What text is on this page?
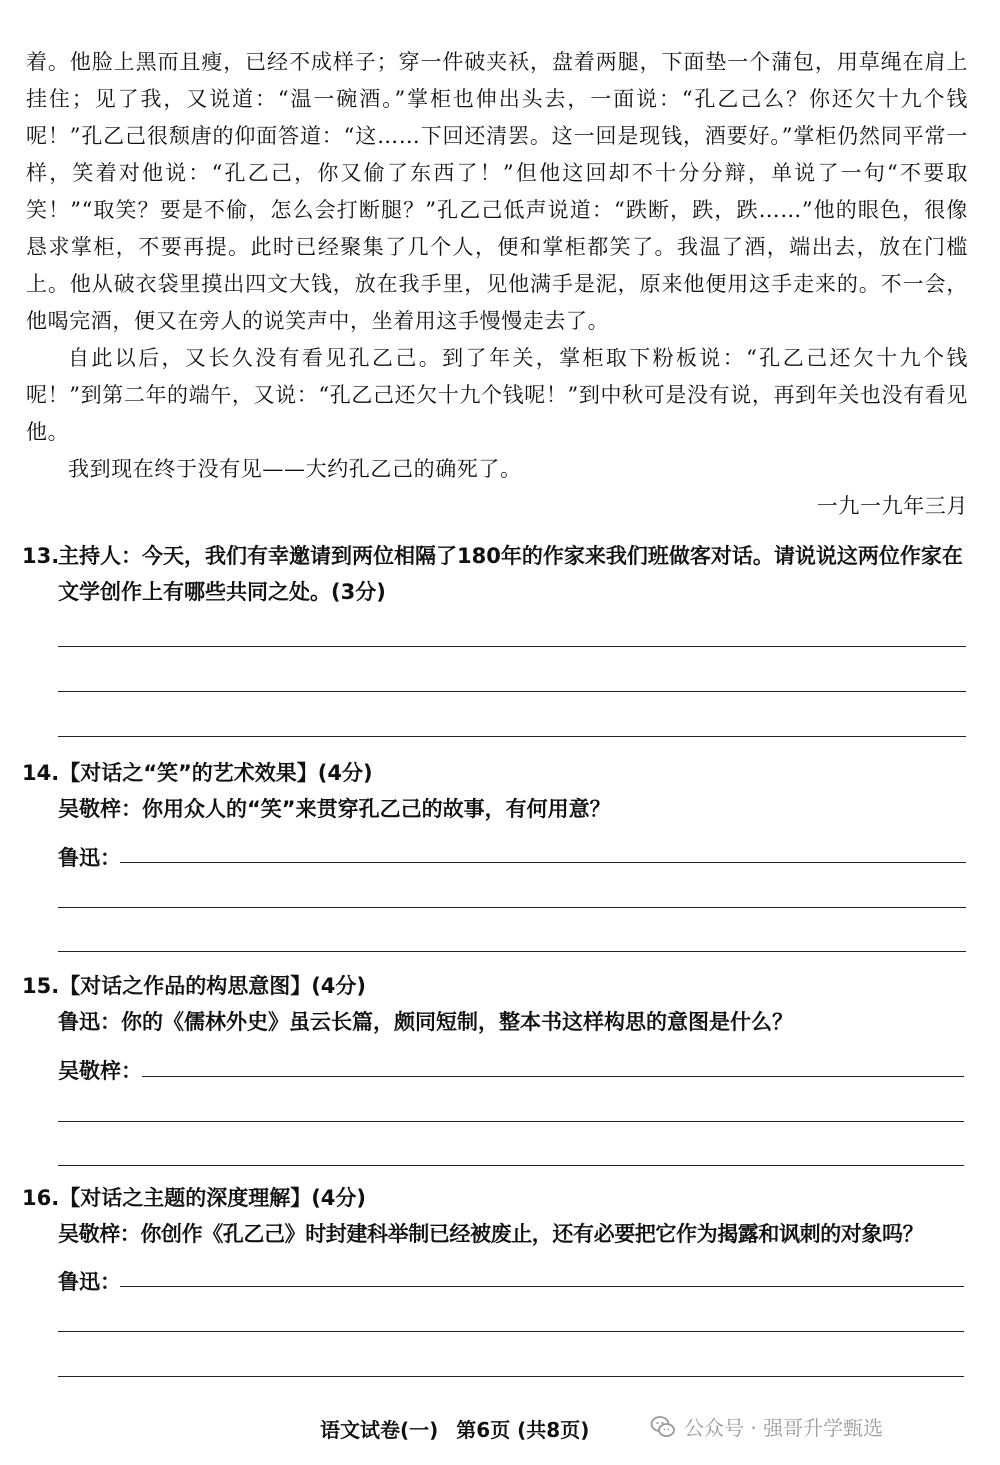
着。他脸上黑而且瘦，已经不成样子；穿一件破夹袄，盘着两腿，下面垫一个蒲包，用草绳在肩上挂住；见了我，又说道：“温一碗酒。”掌柜也伸出头去，一面说：“孔乙己么？你还欠十九个钱呢！”孔乙己很颓唐的仰面答道：“这……下回还清罢。这一回是现钱，酒要好。”掌柜仍然同平常一样，笑着对他说：“孔乙己，你又偷了东西了！”但他这回却不十分分辩，单说了一句“不要取笑！”“取笑？要是不偷，怎么会打断腿？”孔乙己低声说道：“跌断，跌，跌……”他的眼色，很像恳求掌柜，不要再提。此时已经聚集了几个人，便和掌柜都笑了。我温了酒，端出去，放在门槛上。他从破衣袋里摸出四文大钱，放在我手里，见他满手是泥，原来他便用这手走来的。不一会，他喝完酒，便又在旁人的说笑声中，坐着用这手慢慢走去了。

自此以后，又长久没有看见孔乙己。到了年关，掌柜取下粉板说：“孔乙己还欠十九个钱呢！”到第二年的端午，又说：“孔乙己还欠十九个钱呢！”到中秋可是没有说，再到年关也没有看见他。

我到现在终于没有见——大约孔乙己的确死了。

一九一九年三月

13.
主持人：今天，我们有幸邀请到两位相隔了180年的作家来我们班做客对话。请说说这两位作家在文学创作上有哪些共同之处。(3分)
14. 【对话之“笑”的艺术效果】(4分)
吴敬梓：你用众人的“笑”来贯穿孔乙己的故事，有何用意？
鲁迅：
15. 【对话之作品的构思意图】(4分)
鲁迅：你的《儒林外史》虽云长篇，颇同短制，整本书这样构思的意图是什么？
吴敬梓：
16. 【对话之主题的深度理解】(4分)
吴敬梓：你创作《孔乙己》时封建科举制已经被废止，还有必要把它作为揭露和讽刺的对象吗？
鲁迅：
语文试卷(一) 第6页 (共8页)	公众号 · 强哥升学甄选
